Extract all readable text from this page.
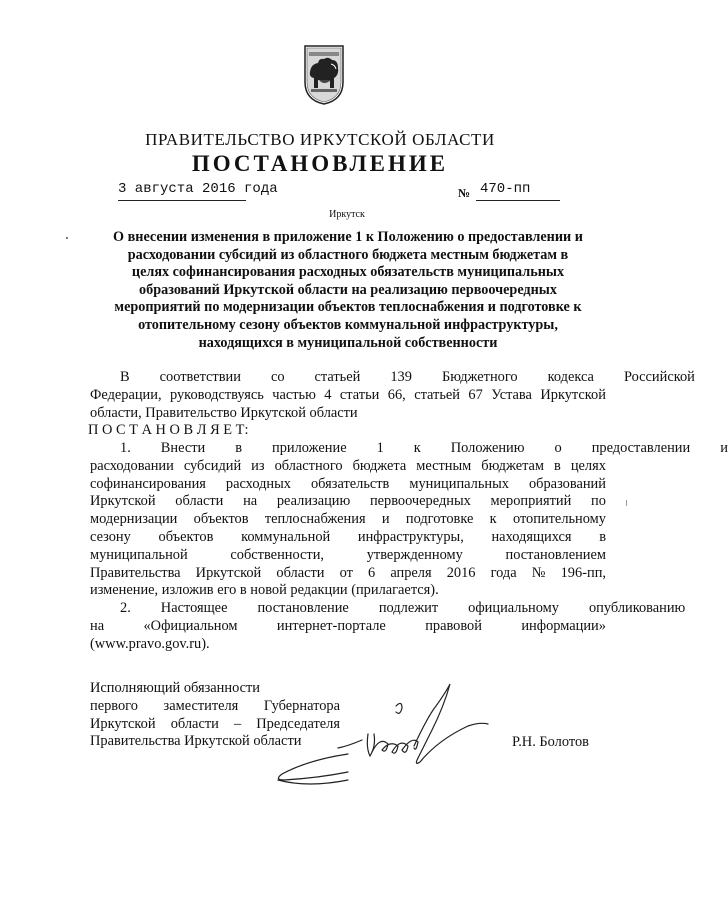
ПРАВИТЕЛЬСТВО ИРКУТСКОЙ ОБЛАСТИ
ПОСТАНОВЛЕНИЕ
3 августа 2016 года	№ 470-пп
Иркутск
О внесении изменения в приложение 1 к Положению о предоставлении и
расходовании субсидий из областного бюджета местным бюджетам в
целях софинансирования расходных обязательств муниципальных
образований Иркутской области на реализацию первоочередных
мероприятий по модернизации объектов теплоснабжения и подготовке к
отопительному сезону объектов коммунальной инфраструктуры,
находящихся в муниципальной собственности
В	соответствии	со	статьей	139	Бюджетного	кодекса	Российской
Федерации, руководствуясь частью 4 статьи 66, статьей 67 Устава Иркутской
области, Правительство Иркутской области
П О С Т А Н О В Л Я Е Т:
1.	Внести	в	приложение	1	к	Положению	о	предоставлении	и
расходовании субсидий из областного бюджета местным бюджетам в целях
софинансирования расходных обязательств муниципальных образований
Иркутской области на реализацию первоочередных мероприятий по
модернизации объектов теплоснабжения и подготовке к отопительному
сезону объектов коммунальной инфраструктуры, находящихся в
муниципальной	собственности,	утвержденному	постановлением
Правительства Иркутской области от 6 апреля 2016 года № 196-пп,
изменение, изложив его в новой редакции (прилагается).
2.	Настоящее	постановление	подлежит	официальному	опубликованию
на	«Официальном	интернет-портале	правовой	информации»
(www.pravo.gov.ru).
Исполняющий обязанности
первого заместителя Губернатора
Иркутской области – Председателя
Правительства Иркутской области	Р.Н. Болотов
